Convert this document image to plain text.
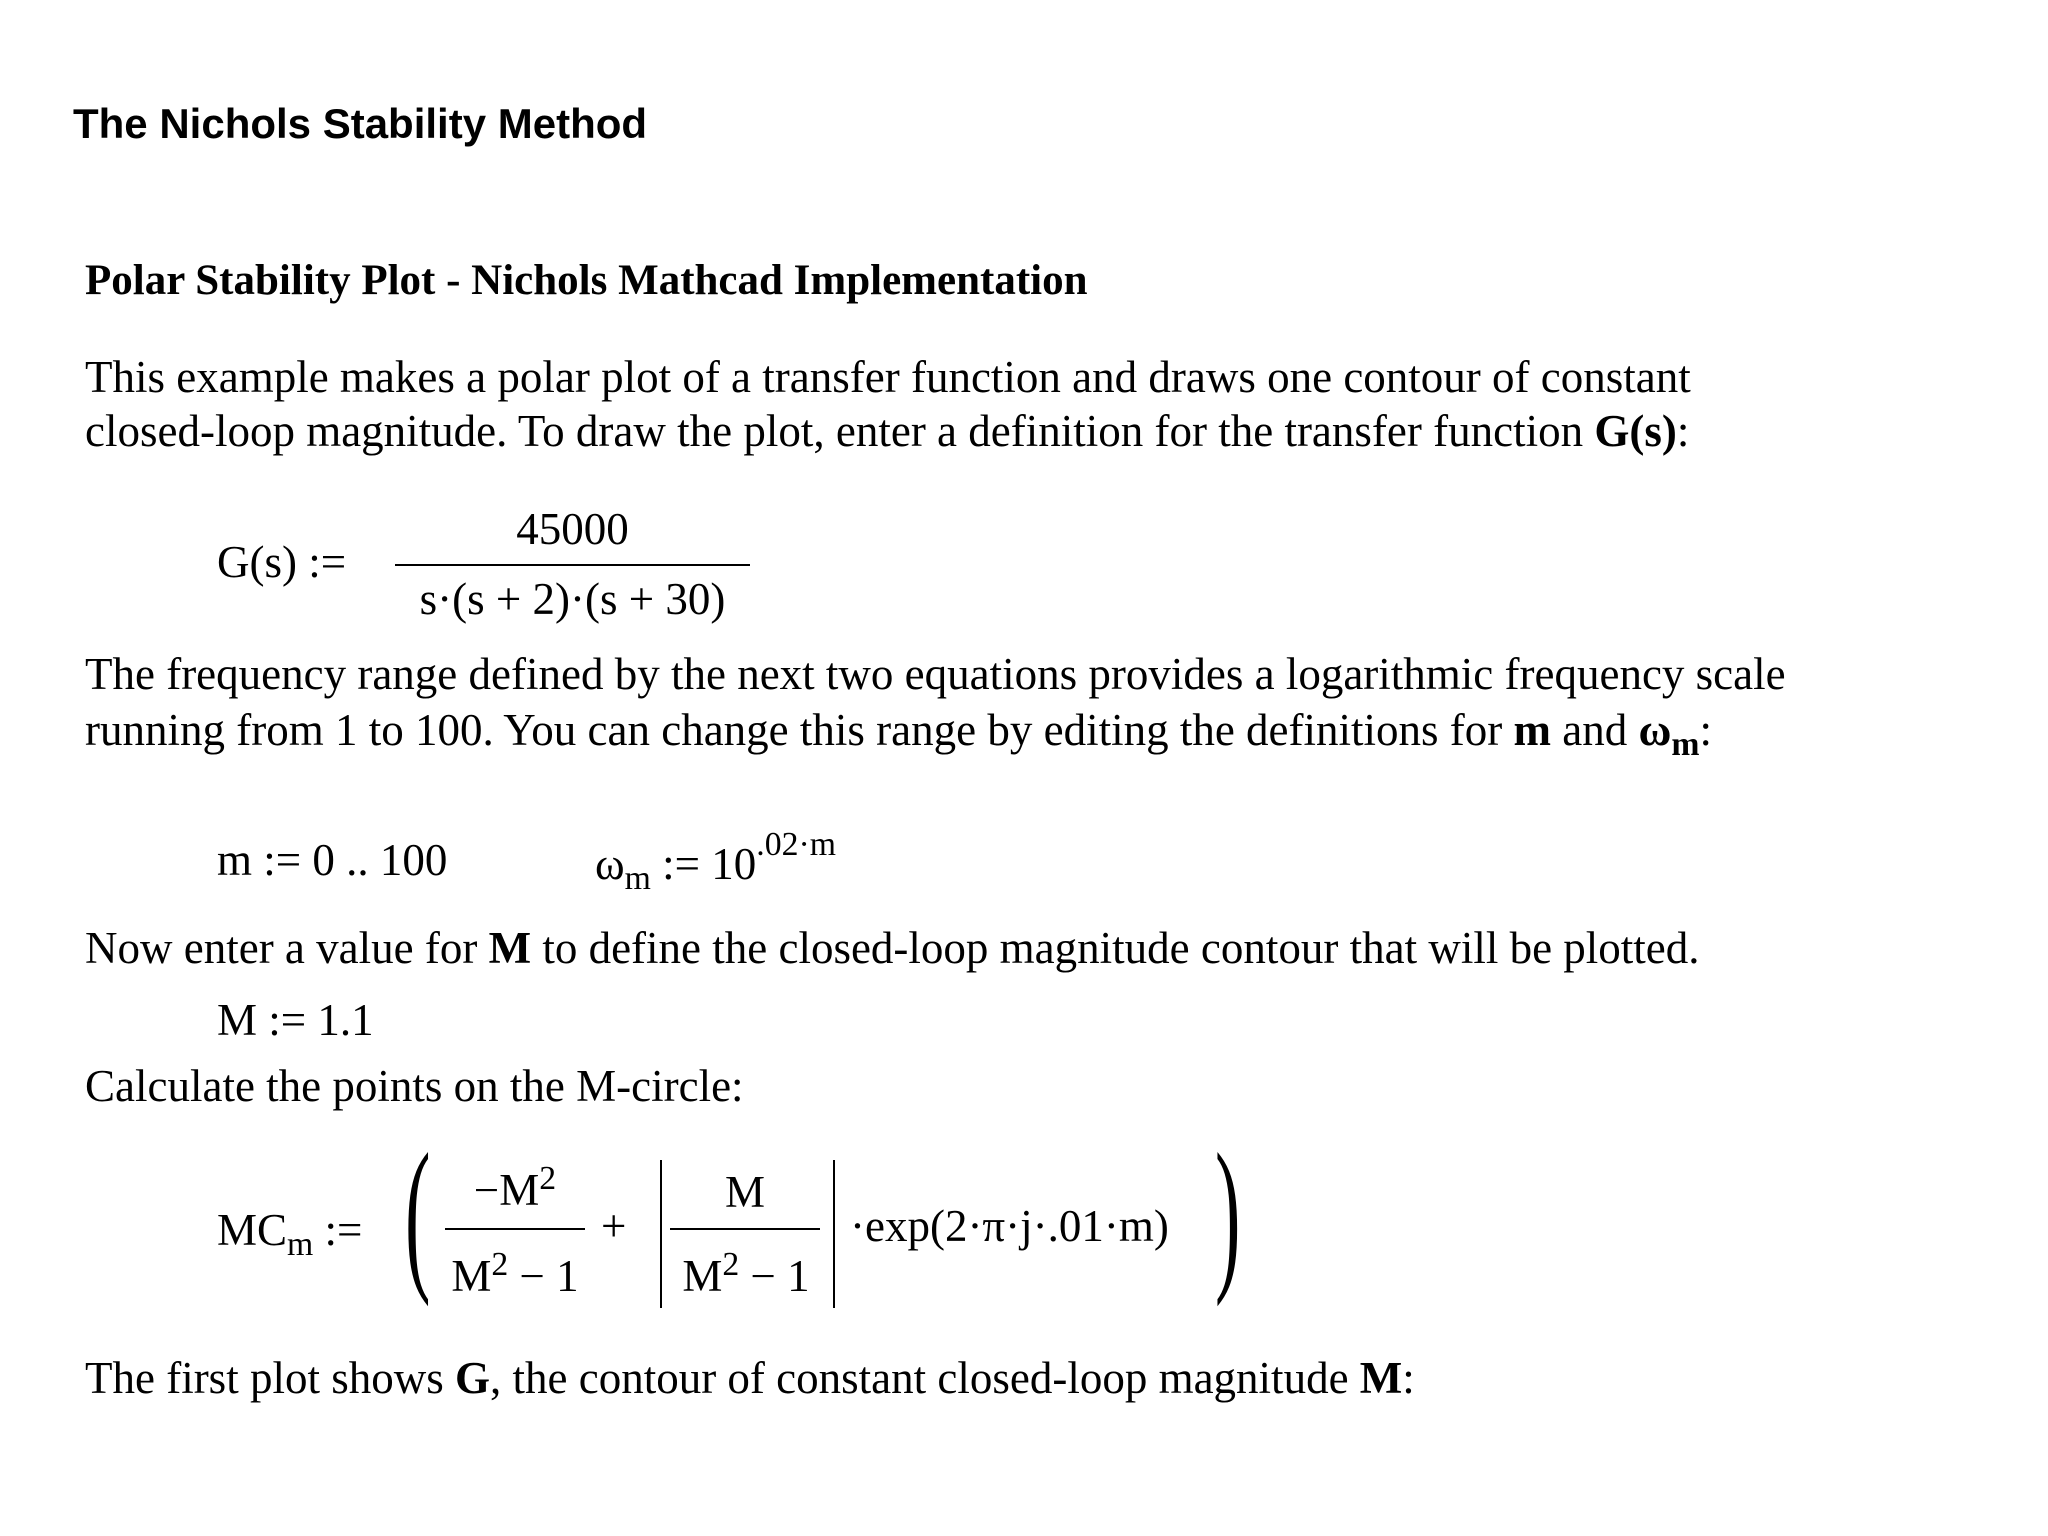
The Nichols Stability Method
Polar Stability Plot - Nichols Mathcad Implementation
This example makes a polar plot of a transfer function and draws one contour of constant
closed-loop magnitude. To draw the plot, enter a definition for the transfer function G(s):
G(s) :=
45000
s·(s + 2)·(s + 30)
The frequency range defined by the next two equations provides a logarithmic frequency scale
running from 1 to 100. You can change this range by editing the definitions for m and $\omega_m$:
m := 0 .. 100	$\omega_m$ := $10^{.02\cdot m}$
Now enter a value for M to define the closed-loop magnitude contour that will be plotted.
M := 1.1
Calculate the points on the M-circle:
$MC_m$ := ( $-M^2$
$M^2 - 1$
+
M
$M^2 - 1$
·exp(2·π·j·.01·m) )
The first plot shows G, the contour of constant closed-loop magnitude M:
